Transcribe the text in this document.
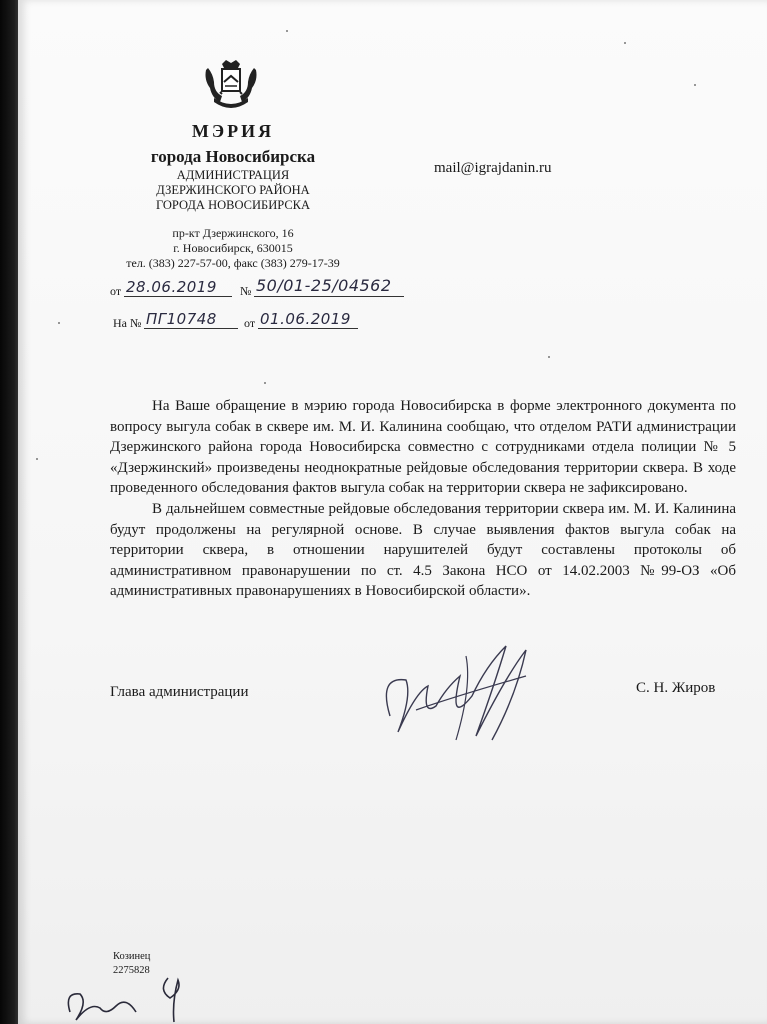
МЭРИЯ
города Новосибирска
АДМИНИСТРАЦИЯ
ДЗЕРЖИНСКОГО РАЙОНА
ГОРОДА НОВОСИБИРСКА
пр-кт Дзержинского, 16
г. Новосибирск, 630015
тел. (383) 227-57-00, факс (383) 279-17-39
mail@igrajdanin.ru
от 28.06.2019 № 50/01-25/04562
На № ПГ10748 от 01.06.2019

На Ваше обращение в мэрию города Новосибирска в форме электронного документа по вопросу выгула собак в сквере им. М. И. Калинина сообщаю, что отделом РАТИ администрации Дзержинского района города Новосибирска совместно с сотрудниками отдела полиции № 5 «Дзержинский» произведены неоднократные рейдовые обследования территории сквера. В ходе проведенного обследования фактов выгула собак на территории сквера не зафиксировано.

В дальнейшем совместные рейдовые обследования территории сквера им. М. И. Калинина будут продолжены на регулярной основе. В случае выявления фактов выгула собак на территории сквера, в отношении нарушителей будут составлены протоколы об административном правонарушении по ст. 4.5 Закона НСО от 14.02.2003 №99-ОЗ «Об административных правонарушениях в Новосибирской области».

Глава администрации	С. Н. Жиров
Козинец
2275828
